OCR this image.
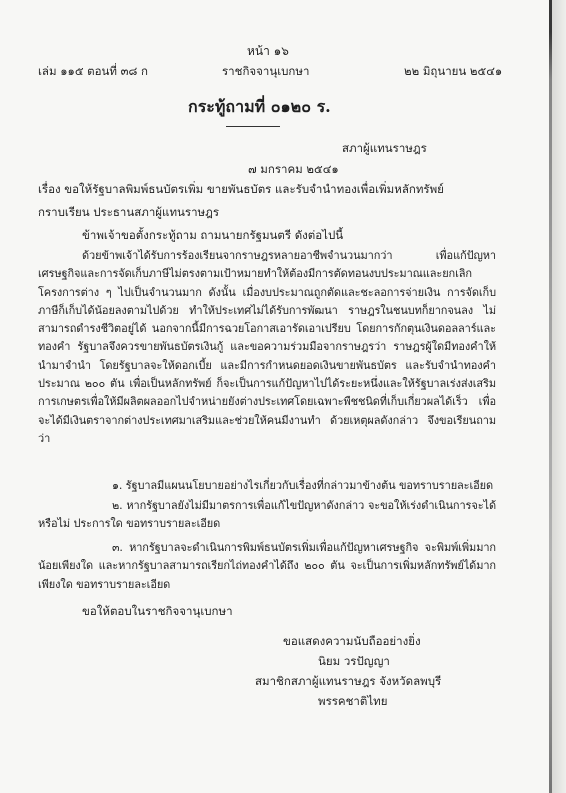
หน้า ๑๖
เล่ม ๑๑๕ ตอนที่ ๓๘ ก	ราชกิจจานุเบกษา	๒๒ มิถุนายน ๒๕๔๑
กระทู้ถามที่ ๐๑๒๐ ร.
สภาผู้แทนราษฎร
๗ มกราคม ๒๕๔๑
เรื่อง ขอให้รัฐบาลพิมพ์ธนบัตรเพิ่ม ขายพันธบัตร และรับจำนำทองเพื่อเพิ่มหลักทรัพย์
กราบเรียน ประธานสภาผู้แทนราษฎร
ข้าพเจ้าขอตั้งกระทู้ถาม ถามนายกรัฐมนตรี ดังต่อไปนี้
ด้วยข้าพเจ้าได้รับการร้องเรียนจากราษฎรหลายอาชีพจำนวนมากว่า เพื่อแก้ปัญหาเศรษฐกิจและการจัดเก็บภาษีไม่ตรงตามเป้าหมายทำให้ต้องมีการตัดทอนงบประมาณและยกเลิกโครงการต่าง ๆ ไปเป็นจำนวนมาก ดังนั้น เมื่องบประมาณถูกตัดและชะลอการจ่ายเงิน การจัดเก็บภาษีก็เก็บได้น้อยลงตามไปด้วย ทำให้ประเทศไม่ได้รับการพัฒนา ราษฎรในชนบทก็ยากจนลง ไม่สามารถดำรงชีวิตอยู่ได้ นอกจากนี้มีการฉวยโอกาสเอารัดเอาเปรียบ โดยการกักตุนเงินดอลลาร์และทองคำ รัฐบาลจึงควรขายพันธบัตรเงินกู้ และขอความร่วมมือจากราษฎรว่า ราษฎรผู้ใดมีทองคำให้นำมาจำนำ โดยรัฐบาลจะให้ดอกเบี้ย และมีการกำหนดยอดเงินขายพันธบัตร และรับจำนำทองคำประมาณ ๒๐๐ ตัน เพื่อเป็นหลักทรัพย์ ก็จะเป็นการแก้ปัญหาไปได้ระยะหนึ่งและให้รัฐบาลเร่งส่งเสริมการเกษตรเพื่อให้มีผลิตผลออกไปจำหน่ายยังต่างประเทศโดยเฉพาะพืชชนิดที่เก็บเกี่ยวผลได้เร็ว เพื่อจะได้มีเงินตราจากต่างประเทศมาเสริมและช่วยให้คนมีงานทำ ด้วยเหตุผลดังกล่าว จึงขอเรียนถามว่า
๑. รัฐบาลมีแผนนโยบายอย่างไรเกี่ยวกับเรื่องที่กล่าวมาข้างต้น ขอทราบรายละเอียด
๒. หากรัฐบาลยังไม่มีมาตรการเพื่อแก้ไขปัญหาดังกล่าว จะขอให้เร่งดำเนินการจะได้หรือไม่ ประการใด ขอทราบรายละเอียด
๓. หากรัฐบาลจะดำเนินการพิมพ์ธนบัตรเพิ่มเพื่อแก้ปัญหาเศรษฐกิจ จะพิมพ์เพิ่มมากน้อยเพียงใด และหากรัฐบาลสามารถเรียกไถ่ทองคำได้ถึง ๒๐๐ ตัน จะเป็นการเพิ่มหลักทรัพย์ได้มากเพียงใด ขอทราบรายละเอียด
ขอให้ตอบในราชกิจจานุเบกษา
ขอแสดงความนับถืออย่างยิ่ง
นิยม วรปัญญา
สมาชิกสภาผู้แทนราษฎร จังหวัดลพบุรี
พรรคชาติไทย
